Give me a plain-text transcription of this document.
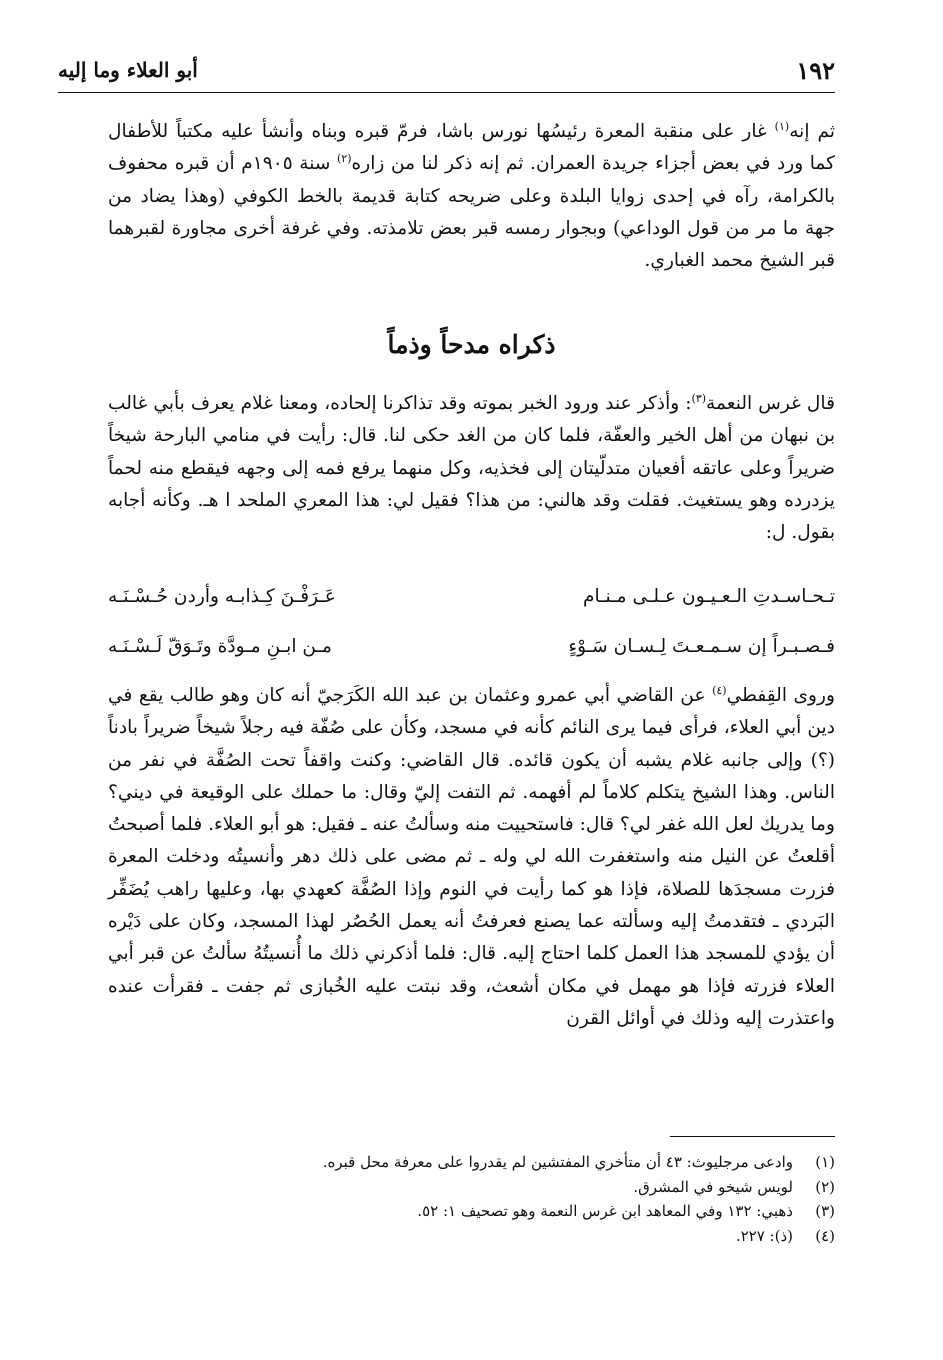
١٩٢
أبو العلاء وما إليه

ثم إنه$^{(١)}$ غار على منقبة المعرة رئيسُها نورس باشا، فرمّ قبره وبناه وأنشأ عليه مكتباً للأطفال كما ورد في بعض أجزاء جريدة العمران. ثم إنه ذكر لنا من زاره$^{(٢)}$ سنة ١٩٠٥م أن قبره محفوف بالكرامة، رآه في إحدى زوايا البلدة وعلى ضريحه كتابة قديمة بالخط الكوفي (وهذا يضاد من جهة ما مر من قول الوداعي) وبجوار رمسه قبر بعض تلامذته. وفي غرفة أخرى مجاورة لقبرهما قبر الشيخ محمد الغباري.

ذكراه مدحاً وذماً

قال غرس النعمة$^{(٣)}$: وأذكر عند ورود الخبر بموته وقد تذاكرنا إلحاده، ومعنا غلام يعرف بأبي غالب بن نبهان من أهل الخير والعفّة، فلما كان من الغد حكى لنا. قال: رأيت في منامي البارحة شيخاً ضريراً وعلى عاتقه أفعيان متدلّيتان إلى فخذيه، وكل منهما يرفع فمه إلى وجهه فيقطع منه لحماً يزدرده وهو يستغيث. فقلت وقد هالني: من هذا؟ فقيل لي: هذا المعري الملحد ا هـ. وكأنه أجابه بقول. ل:

تـحـاسـدتِ الـعـيـون عـلـى مـنـام
عَـرَفْـنَ كِـذابـه وأردن حُـسْـنَـه
فـصـبـراً إن سـمـعـتَ لِـسـان سَـوْءٍ
مـن ابـنِ مـودَّة وتَـوَقّ لَـسْـنَـه

وروى القِفطي$^{(٤)}$ عن القاضي أبي عمرو وعثمان بن عبد الله الكَرَجيّ أنه كان وهو طالب يقع في دين أبي العلاء، فرأى فيما يرى النائم كأنه في مسجد، وكأن على صُفّة فيه رجلاً شيخاً ضريراً بادناً (؟) وإلى جانبه غلام يشبه أن يكون قائده. قال القاضي: وكنت واقفاً تحت الصُفَّة في نفر من الناس. وهذا الشيخ يتكلم كلاماً لم أفهمه. ثم التفت إليّ وقال: ما حملك على الوقيعة في ديني؟ وما يدريك لعل الله غفر لي؟ قال: فاستحييت منه وسألتُ عنه ـ فقيل: هو أبو العلاء. فلما أصبحتُ أقلعتُ عن النيل منه واستغفرت الله لي وله ـ ثم مضى على ذلك دهر وأنسيتُه ودخلت المعرة فزرت مسجدَها للصلاة، فإذا هو كما رأيت في النوم وإذا الصُفَّة كعهدي بها، وعليها راهب يُضَفِّر البَردي ـ فتقدمتُ إليه وسألته عما يصنع فعرفتُ أنه يعمل الحُصُر لهذا المسجد، وكان على دَيْره أن يؤدي للمسجد هذا العمل كلما احتاج إليه. قال: فلما أذكرني ذلك ما أُنسيتُهُ سألتُ عن قبر أبي العلاء فزرته فإذا هو مهمل في مكان أشعث، وقد نبتت عليه الخُبازى ثم جفت ـ فقرأت عنده واعتذرت إليه وذلك في أوائل القرن

(١)
وادعى مرجليوث: ٤٣ أن متأخري المفتشين لم يقدروا على معرفة محل قبره.
(٢)
لويس شيخو في المشرق.
(٣)
ذهبي: ١٣٢ وفي المعاهد ابن غرس النعمة وهو تصحيف ١: ٥٢.
(٤)
(ذ): ٢٢٧.
